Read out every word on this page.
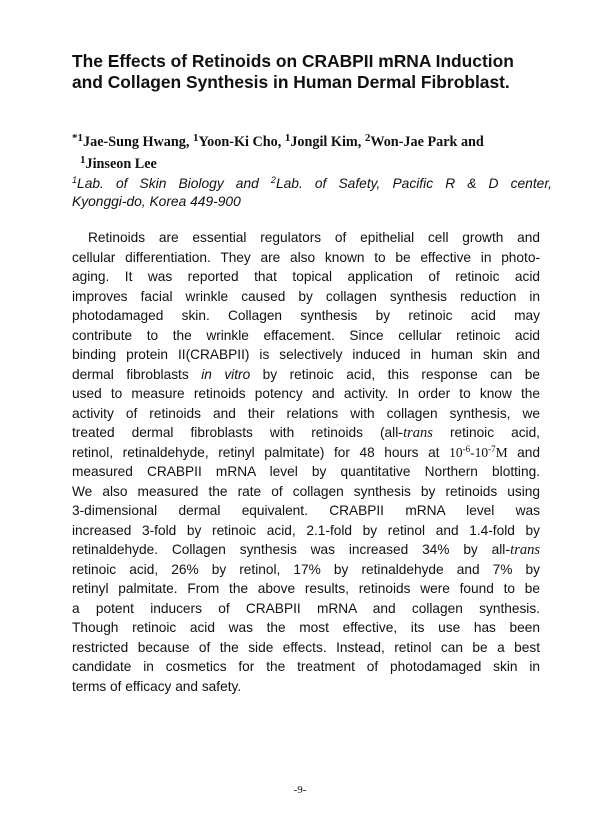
The Effects of Retinoids on CRABPII mRNA Induction
and Collagen Synthesis in Human Dermal Fibroblast.
$^{*1}$Jae-Sung Hwang, $^1$Yoon-Ki Cho, $^1$Jongil Kim, $^2$Won-Jae Park and
$^1$Jinseon Lee
$^1$Lab. of Skin Biology and $^2$Lab. of Safety, Pacific R & D center,
Kyonggi-do, Korea 449-900
Retinoids are essential regulators of epithelial cell growth and
cellular differentiation. They are also known to be effective in photo-
aging. It was reported that topical application of retinoic acid
improves facial wrinkle caused by collagen synthesis reduction in
photodamaged skin. Collagen synthesis by retinoic acid may
contribute to the wrinkle effacement. Since cellular retinoic acid
binding protein II(CRABPII) is selectively induced in human skin and
dermal fibroblasts in vitro by retinoic acid, this response can be
used to measure retinoids potency and activity. In order to know the
activity of retinoids and their relations with collagen synthesis, we
treated dermal fibroblasts with retinoids (all-trans retinoic acid,
retinol, retinaldehyde, retinyl palmitate) for 48 hours at $10^{-6}-10^{-7}M$ and
measured CRABPII mRNA level by quantitative Northern blotting.
We also measured the rate of collagen synthesis by retinoids using
3-dimensional dermal equivalent. CRABPII mRNA level was
increased 3-fold by retinoic acid, 2.1-fold by retinol and 1.4-fold by
retinaldehyde. Collagen synthesis was increased 34% by all-trans
retinoic acid, 26% by retinol, 17% by retinaldehyde and 7% by
retinyl palmitate. From the above results, retinoids were found to be
a potent inducers of CRABPII mRNA and collagen synthesis.
Though retinoic acid was the most effective, its use has been
restricted because of the side effects. Instead, retinol can be a best
candidate in cosmetics for the treatment of photodamaged skin in
terms of efficacy and safety.
-9-
